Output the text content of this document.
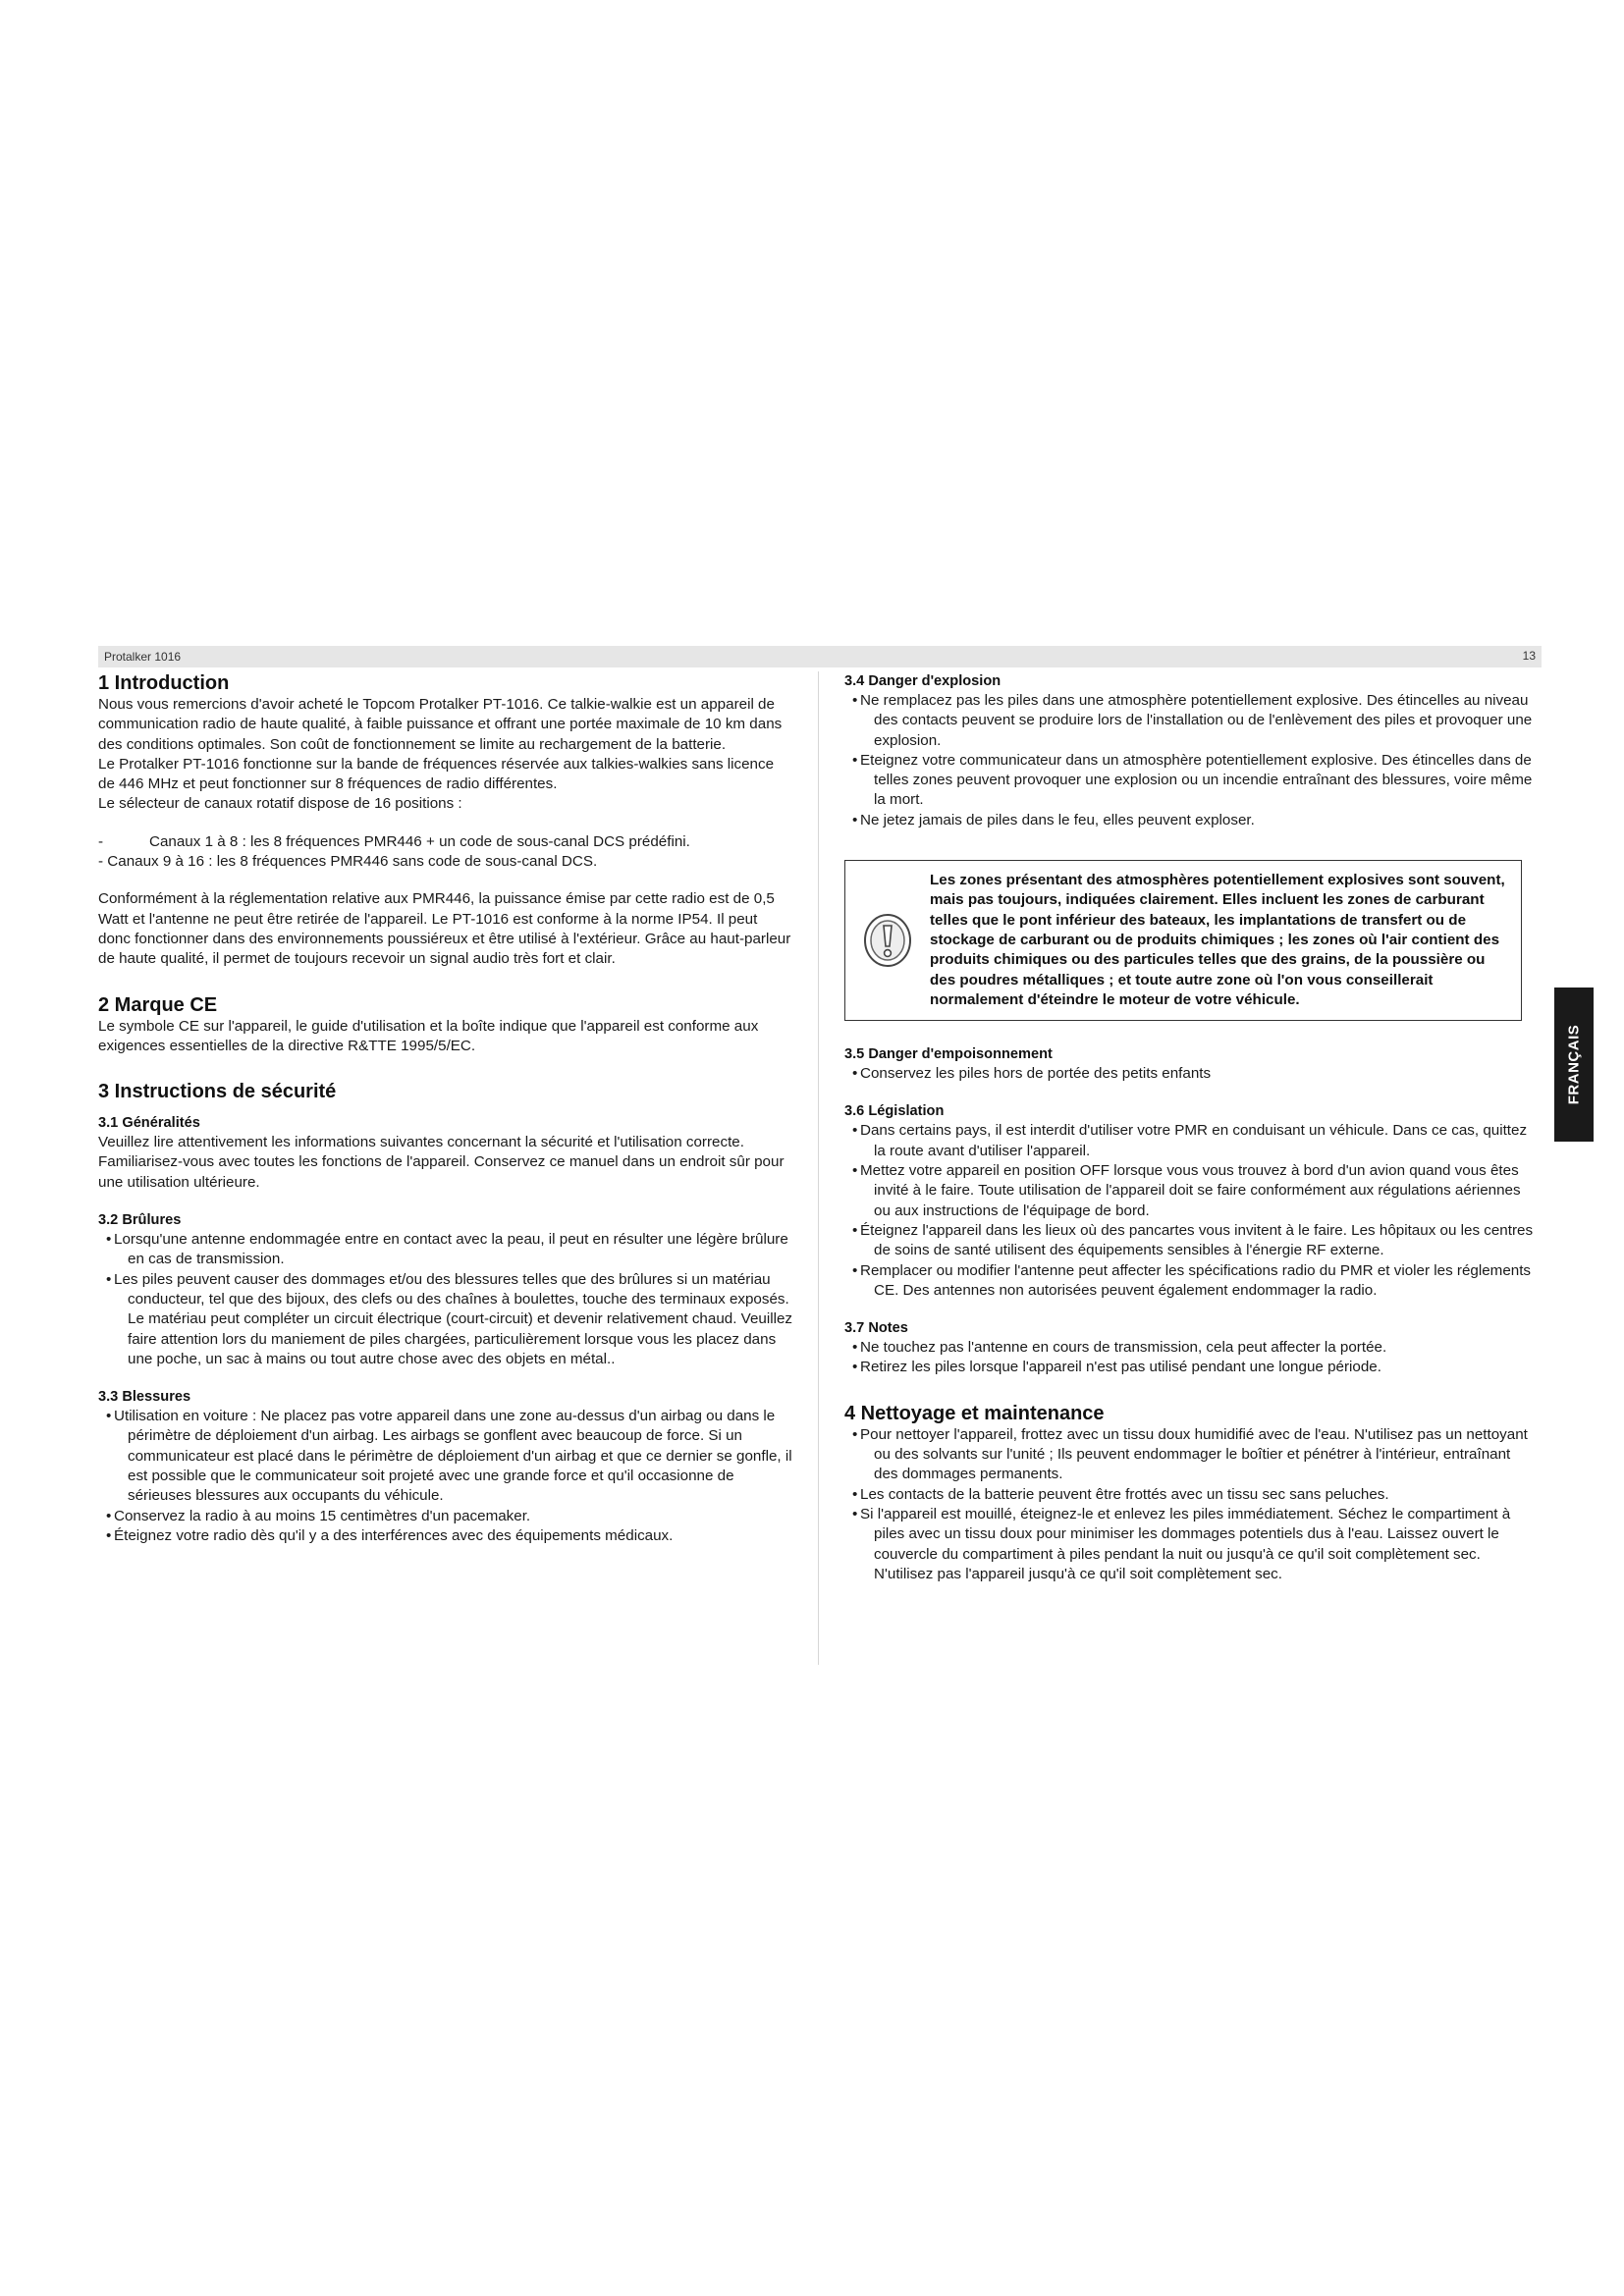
Protalker 1016	13
1 Introduction

Nous vous remercions d'avoir acheté le Topcom Protalker PT-1016. Ce talkie-walkie est un appareil de communication radio de haute qualité, à faible puissance et offrant une portée maximale de 10 km dans des conditions optimales. Son coût de fonctionnement se limite au rechargement de la batterie.

Le Protalker PT-1016 fonctionne sur la bande de fréquences réservée aux talkies-walkies sans licence de 446 MHz et peut fonctionner sur 8 fréquences de radio différentes.

Le sélecteur de canaux rotatif dispose de 16 positions :

-	Canaux 1 à 8 : les 8 fréquences PMR446 + un code de sous-canal DCS prédéfini.

- Canaux 9 à 16 : les 8 fréquences PMR446 sans code de sous-canal DCS.

Conformément à la réglementation relative aux PMR446, la puissance émise par cette radio est de 0,5 Watt et l'antenne ne peut être retirée de l'appareil. Le PT-1016 est conforme à la norme IP54. Il peut donc fonctionner dans des environnements poussiéreux et être utilisé à l'extérieur. Grâce au haut-parleur de haute qualité, il permet de toujours recevoir un signal audio très fort et clair.

2 Marque CE

Le symbole CE sur l'appareil, le guide d'utilisation et la boîte indique que l'appareil est conforme aux exigences essentielles de la directive R&TTE 1995/5/EC.

3 Instructions de sécurité
3.1 Généralités

Veuillez lire attentivement les informations suivantes concernant la sécurité et l'utilisation correcte. Familiarisez-vous avec toutes les fonctions de l'appareil. Conservez ce manuel dans un endroit sûr pour une utilisation ultérieure.

3.2 Brûlures
• Lorsqu'une antenne endommagée entre en contact avec la peau, il peut en résulter une légère brûlure en cas de transmission.
• Les piles peuvent causer des dommages et/ou des blessures telles que des brûlures si un matériau conducteur, tel que des bijoux, des clefs ou des chaînes à boulettes, touche des terminaux exposés. Le matériau peut compléter un circuit électrique (court-circuit) et devenir relativement chaud. Veuillez faire attention lors du maniement de piles chargées, particulièrement lorsque vous les placez dans une poche, un sac à mains ou tout autre chose avec des objets en métal..
3.3 Blessures
• Utilisation en voiture : Ne placez pas votre appareil dans une zone au-dessus d'un airbag ou dans le périmètre de déploiement d'un airbag. Les airbags se gonflent avec beaucoup de force. Si un communicateur est placé dans le périmètre de déploiement d'un airbag et que ce dernier se gonfle, il est possible que le communicateur soit projeté avec une grande force et qu'il occasionne de sérieuses blessures aux occupants du véhicule.
• Conservez la radio à au moins 15 centimètres d'un pacemaker.
• Éteignez votre radio dès qu'il y a des interférences avec des équipements médicaux.
3.4 Danger d'explosion
• Ne remplacez pas les piles dans une atmosphère potentiellement explosive. Des étincelles au niveau des contacts peuvent se produire lors de l'installation ou de l'enlèvement des piles et provoquer une explosion.
• Eteignez votre communicateur dans un atmosphère potentiellement explosive. Des étincelles dans de telles zones peuvent provoquer une explosion ou un incendie entraînant des blessures, voire même la mort.
• Ne jetez jamais de piles dans le feu, elles peuvent exploser.
Les zones présentant des atmosphères potentiellement explosives sont souvent, mais pas toujours, indiquées clairement. Elles incluent les zones de carburant telles que le pont inférieur des bateaux, les implantations de transfert ou de stockage de carburant ou de produits chimiques ; les zones où l'air contient des produits chimiques ou des particules telles que des grains, de la poussière ou des poudres métalliques ; et toute autre zone où l'on vous conseillerait normalement d'éteindre le moteur de votre véhicule.
3.5 Danger d'empoisonnement
• Conservez les piles hors de portée des petits enfants
3.6 Législation
• Dans certains pays, il est interdit d'utiliser votre PMR en conduisant un véhicule. Dans ce cas, quittez la route avant d'utiliser l'appareil.
• Mettez votre appareil en position OFF lorsque vous vous trouvez à bord d'un avion quand vous êtes invité à le faire. Toute utilisation de l'appareil doit se faire conformément aux régulations aériennes ou aux instructions de l'équipage de bord.
• Éteignez l'appareil dans les lieux où des pancartes vous invitent à le faire. Les hôpitaux ou les centres de soins de santé utilisent des équipements sensibles à l'énergie RF externe.
• Remplacer ou modifier l'antenne peut affecter les spécifications radio du PMR et violer les réglements CE. Des antennes non autorisées peuvent également endommager la radio.
3.7 Notes
• Ne touchez pas l'antenne en cours de transmission, cela peut affecter la portée.
• Retirez les piles lorsque l'appareil n'est pas utilisé pendant une longue période.
4 Nettoyage et maintenance
• Pour nettoyer l'appareil, frottez avec un tissu doux humidifié avec de l'eau. N'utilisez pas un nettoyant ou des solvants sur l'unité ; Ils peuvent endommager le boîtier et pénétrer à l'intérieur, entraînant des dommages permanents.
• Les contacts de la batterie peuvent être frottés avec un tissu sec sans peluches.
• Si l'appareil est mouillé, éteignez-le et enlevez les piles immédiatement. Séchez le compartiment à piles avec un tissu doux pour minimiser les dommages potentiels dus à l'eau. Laissez ouvert le couvercle du compartiment à piles pendant la nuit ou jusqu'à ce qu'il soit complètement sec. N'utilisez pas l'appareil jusqu'à ce qu'il soit complètement sec.
FRANÇAIS
